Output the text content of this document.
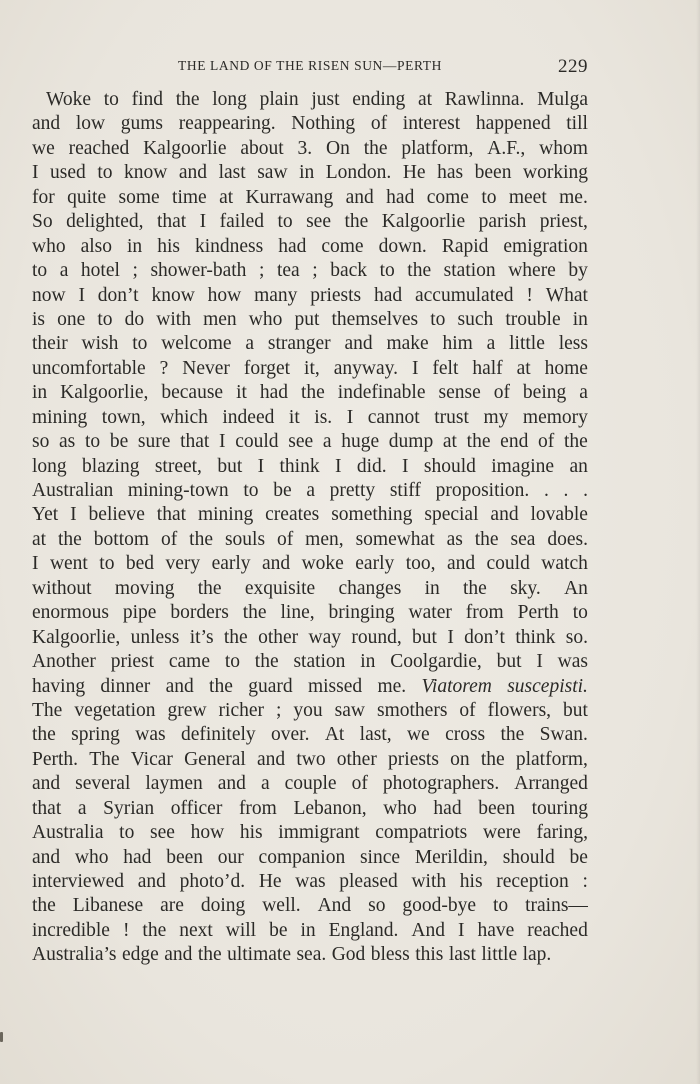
THE LAND OF THE RISEN SUN—PERTH	229
Woke to find the long plain just ending at Rawlinna. Mulga
and low gums reappearing. Nothing of interest happened till
we reached Kalgoorlie about 3. On the platform, A.F., whom
I used to know and last saw in London. He has been working
for quite some time at Kurrawang and had come to meet me.
So delighted, that I failed to see the Kalgoorlie parish priest,
who also in his kindness had come down. Rapid emigration
to a hotel ; shower-bath ; tea ; back to the station where by
now I don’t know how many priests had accumulated ! What
is one to do with men who put themselves to such trouble in
their wish to welcome a stranger and make him a little less
uncomfortable ? Never forget it, anyway. I felt half at home
in Kalgoorlie, because it had the indefinable sense of being a
mining town, which indeed it is. I cannot trust my memory
so as to be sure that I could see a huge dump at the end of the
long blazing street, but I think I did. I should imagine an
Australian mining-town to be a pretty stiff proposition. . . .
Yet I believe that mining creates something special and lovable
at the bottom of the souls of men, somewhat as the sea does.
I went to bed very early and woke early too, and could watch
without moving the exquisite changes in the sky. An
enormous pipe borders the line, bringing water from Perth to
Kalgoorlie, unless it’s the other way round, but I don’t think so.
Another priest came to the station in Coolgardie, but I was
having dinner and the guard missed me. Viatorem suscepisti.
The vegetation grew richer ; you saw smothers of flowers, but
the spring was definitely over. At last, we cross the Swan.
Perth. The Vicar General and two other priests on the platform,
and several laymen and a couple of photographers. Arranged
that a Syrian officer from Lebanon, who had been touring
Australia to see how his immigrant compatriots were faring,
and who had been our companion since Merildin, should be
interviewed and photo’d. He was pleased with his reception :
the Libanese are doing well. And so good-bye to trains—
incredible ! the next will be in England. And I have reached
Australia’s edge and the ultimate sea. God bless this last little lap.
